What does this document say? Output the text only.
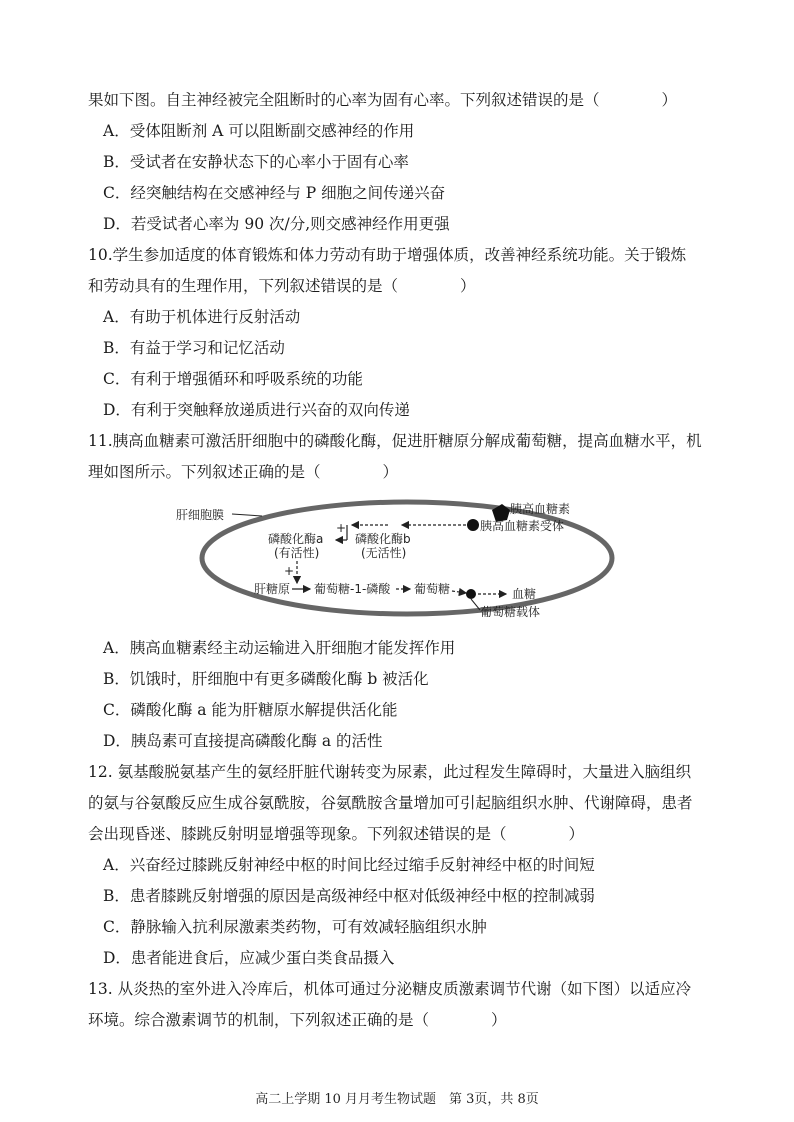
果如下图。自主神经被完全阻断时的心率为固有心率。下列叙述错误的是（　　　　）
A．受体阻断剂 A 可以阻断副交感神经的作用
B．受试者在安静状态下的心率小于固有心率
C．经突触结构在交感神经与 P 细胞之间传递兴奋
D．若受试者心率为 90 次/分,则交感神经作用更强
10.学生参加适度的体育锻炼和体力劳动有助于增强体质，改善神经系统功能。关于锻炼
和劳动具有的生理作用，下列叙述错误的是（　　　　）
A．有助于机体进行反射活动
B．有益于学习和记忆活动
C．有利于增强循环和呼吸系统的功能
D．有利于突触释放递质进行兴奋的双向传递
11.胰高血糖素可激活肝细胞中的磷酸化酶，促进肝糖原分解成葡萄糖，提高血糖水平，机
理如图所示。下列叙述正确的是（　　　　）
A．胰高血糖素经主动运输进入肝细胞才能发挥作用
B．饥饿时，肝细胞中有更多磷酸化酶 b 被活化
C．磷酸化酶 a 能为肝糖原水解提供活化能
D．胰岛素可直接提高磷酸化酶 a 的活性
12. 氨基酸脱氨基产生的氨经肝脏代谢转变为尿素，此过程发生障碍时，大量进入脑组织
的氨与谷氨酸反应生成谷氨酰胺，谷氨酰胺含量增加可引起脑组织水肿、代谢障碍，患者
会出现昏迷、膝跳反射明显增强等现象。下列叙述错误的是（　　　　）
A．兴奋经过膝跳反射神经中枢的时间比经过缩手反射神经中枢的时间短
B．患者膝跳反射增强的原因是高级神经中枢对低级神经中枢的控制减弱
C．静脉输入抗利尿激素类药物，可有效减轻脑组织水肿
D．患者能进食后，应减少蛋白类食品摄入
13. 从炎热的室外进入冷库后，机体可通过分泌糖皮质激素调节代谢（如下图）以适应冷
环境。综合激素调节的机制，下列叙述正确的是（　　　　）
肝细胞膜	胰高血糖素
胰高血糖素受体
+
磷酸化酶a
(有活性)
磷酸化酶b
(无活性)
+
肝糖原 葡萄糖-1-磷酸 葡萄糖	血糖
葡萄糖载体
高二上学期 10 月月考生物试题　第 3页，共 8页
